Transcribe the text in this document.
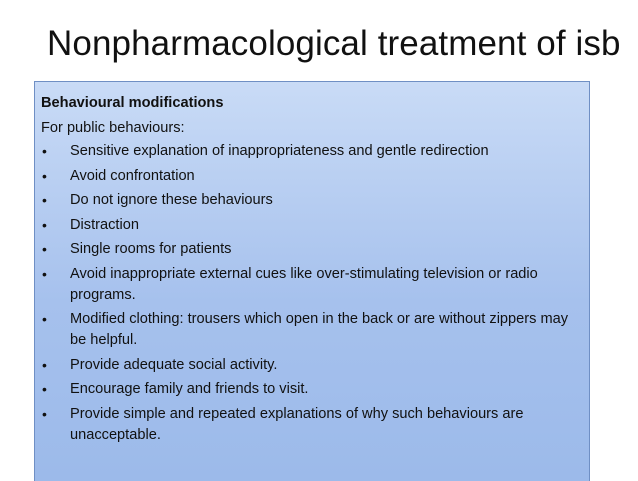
Nonpharmacological treatment of isb
Behavioural modifications
For public behaviours:
• Sensitive explanation of inappropriateness and gentle redirection
• Avoid confrontation
• Do not ignore these behaviours
• Distraction
• Single rooms for patients
• Avoid inappropriate external cues like over-stimulating television or radio programs.
• Modified clothing: trousers which open in the back or are without zippers may be helpful.
• Provide adequate social activity.
• Encourage family and friends to visit.
• Provide simple and repeated explanations of why such behaviours are unacceptable.
